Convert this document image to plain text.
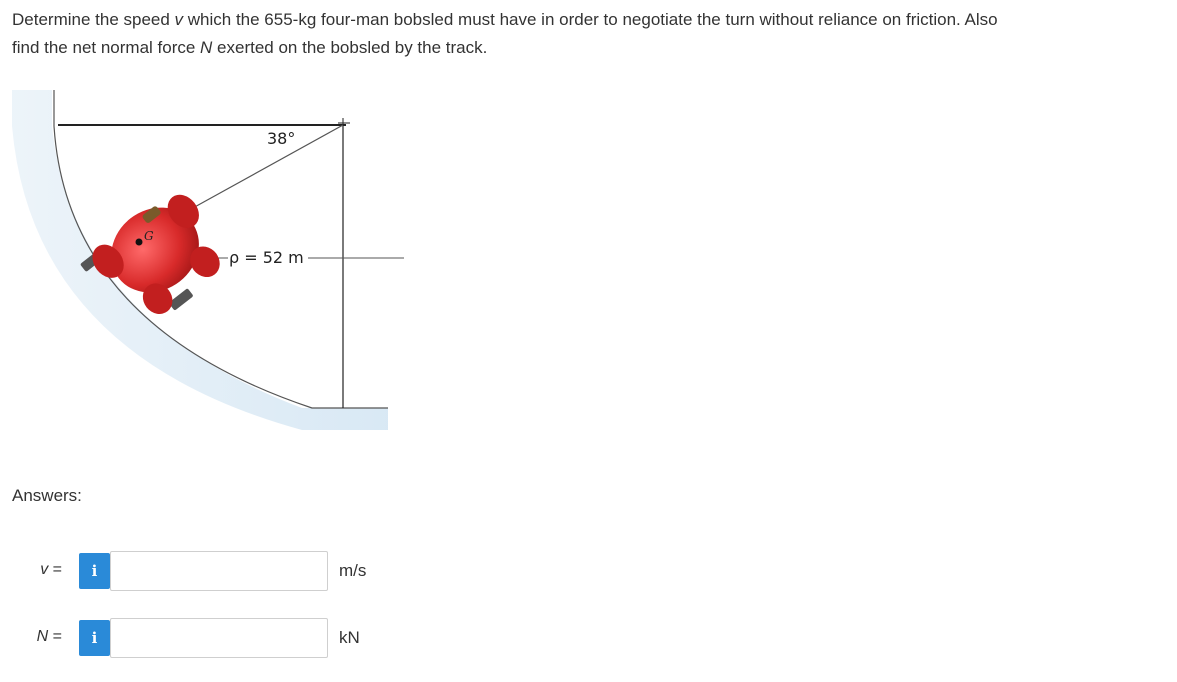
Determine the speed v which the 655-kg four-man bobsled must have in order to negotiate the turn without reliance on friction. Also
find the net normal force N exerted on the bobsled by the track.
38°
ρ = 52 m
G
Answers:
v =	i	m/s
N =	i	kN
